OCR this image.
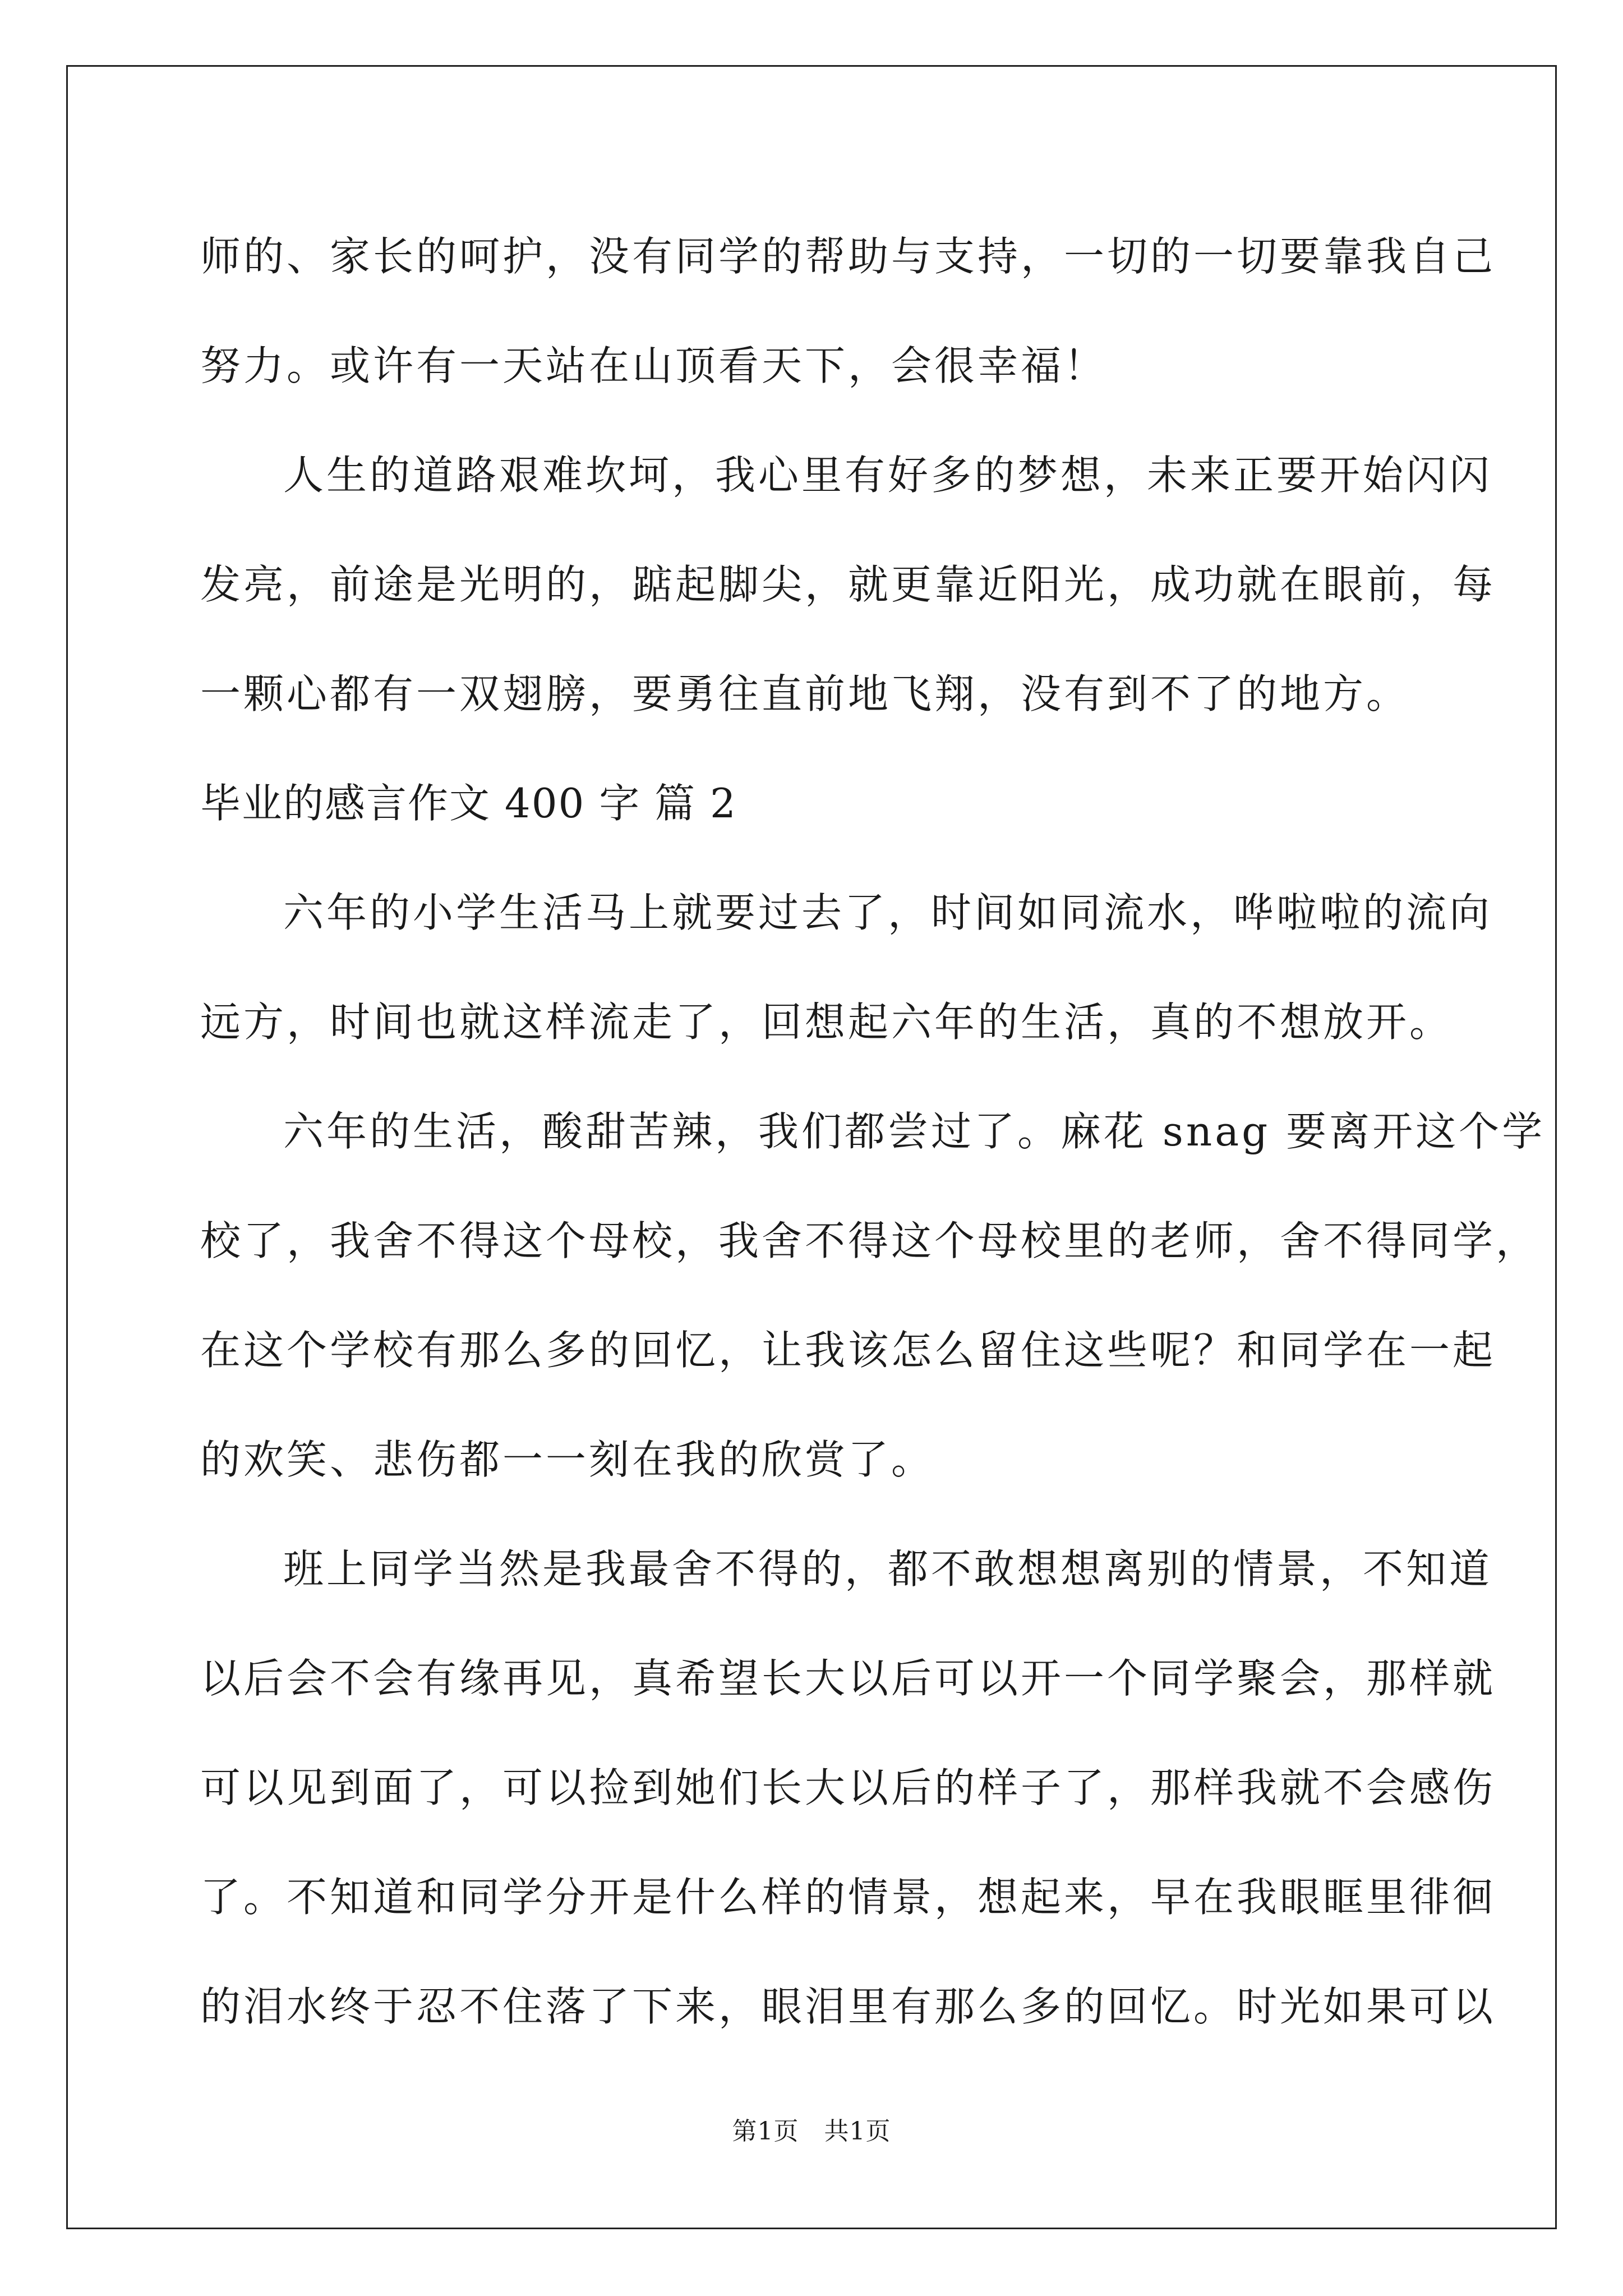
师的、家长的呵护，没有同学的帮助与支持，一切的一切要靠我自己
努力。或许有一天站在山顶看天下，会很幸福！
人生的道路艰难坎坷，我心里有好多的梦想，未来正要开始闪闪
发亮，前途是光明的，踮起脚尖，就更靠近阳光，成功就在眼前，每
一颗心都有一双翅膀，要勇往直前地飞翔，没有到不了的地方。
毕业的感言作文 400 字 篇 2
六年的小学生活马上就要过去了，时间如同流水，哗啦啦的流向
远方，时间也就这样流走了，回想起六年的生活，真的不想放开。
六年的生活，酸甜苦辣，我们都尝过了。麻花 snag 要离开这个学
校了，我舍不得这个母校，我舍不得这个母校里的老师，舍不得同学，
在这个学校有那么多的回忆，让我该怎么留住这些呢？和同学在一起
的欢笑、悲伤都一一刻在我的欣赏了。
班上同学当然是我最舍不得的，都不敢想想离别的情景，不知道
以后会不会有缘再见，真希望长大以后可以开一个同学聚会，那样就
可以见到面了，可以捡到她们长大以后的样子了，那样我就不会感伤
了。不知道和同学分开是什么样的情景，想起来，早在我眼眶里徘徊
的泪水终于忍不住落了下来，眼泪里有那么多的回忆。时光如果可以
第1页   共1页
